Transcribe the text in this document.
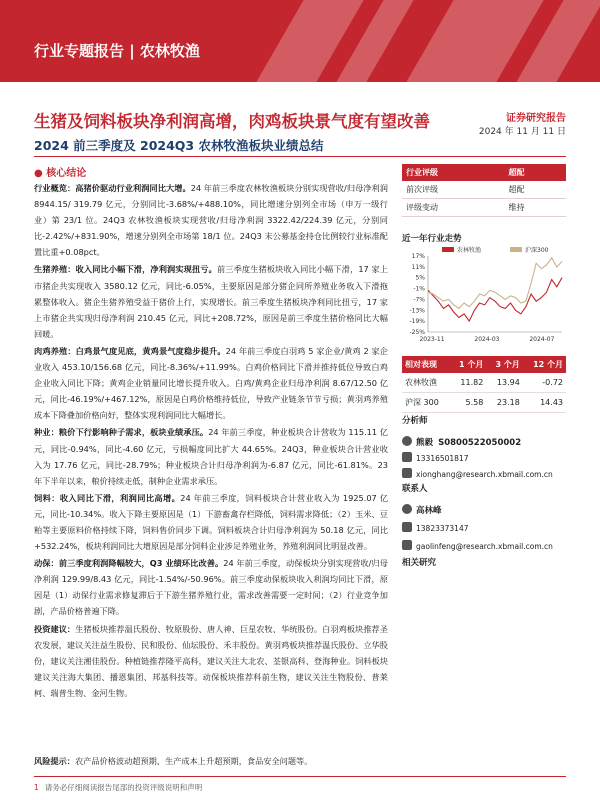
行业专题报告 | 农林牧渔
生猪及饲料板块净利润高增，肉鸡板块景气度有望改善
2024 前三季度及 2024Q3 农林牧渔板块业绩总结
证券研究报告
2024 年 11 月 11 日
● 核心结论

行业概览：高猪价驱动行业利润同比大增。24 年前三季度农林牧渔板块分别实现营收/归母净利润 8944.15/ 319.79 亿元，分别同比-3.68%/+488.10%，同比增速分别列全市场（申万一级行业）第 23/1 位。24Q3 农林牧渔板块实现营收/归母净利润 3322.42/224.39 亿元，分别同比-2.42%/+831.90%，增速分别列全市场第 18/1 位。24Q3 末公募基金持仓比例较行业标准配置比重+0.08pct。

生猪养殖：收入同比小幅下滑，净利润实现扭亏。前三季度生猪板块收入同比小幅下滑，17 家上市猪企共实现收入 3580.12 亿元，同比-6.05%，主要原因是部分猪企同所养殖业务收入下滑拖累整体收入。猪企生猪养殖受益于猪价上行，实现增长。前三季度生猪板块净利同比扭亏，17 家上市猪企共实现归母净利润 210.45 亿元，同比+208.72%，原因是前三季度生猪价格同比大幅回暖。

肉鸡养殖：白鸡景气度见底，黄鸡景气度稳步提升。24 年前三季度白羽鸡 5 家企业/黄鸡 2 家企业收入 453.10/156.68 亿元，同比-8.36%/+11.99%。白鸡价格同比下滑并推持低位导致白鸡企业收入同比下降；黄鸡企业销量同比增长提升收入。白鸡/黄鸡企业归母净利润 8.67/12.50 亿元，同比-46.19%/+467.12%，原因是白鸡价格维持低位，导致产业链条节节亏损；黄羽鸡养殖成本下降叠加价格向好，整体实现利润同比大幅增长。

种业：粮价下行影响种子需求，板块业绩承压。24 年前三季度，种业板块合计营收为 115.11 亿元，同比-0.94%，同比-4.60 亿元，亏损幅度同比扩大 44.65%。24Q3，种业板块合计营业收入为 17.76 亿元，同比-28.79%；种业板块合计归母净利润为-6.87 亿元，同比-61.81%。23 年下半年以来，粮价持续走低，制种企业需求承压。

饲料：收入同比下滑，利润同比高增。24 年前三季度，饲料板块合计营业收入为 1925.07 亿元，同比-10.34%。收入下降主要原因是（1）下游畜禽存栏降低，饲料需求降低；（2）玉米、豆粕等主要原料价格持续下降，饲料售价同步下调。饲料板块合计归母净利润为 50.18 亿元，同比+532.24%，板块利润同比大增原因是部分饲料企业涉足养殖业务，养殖利润同比明显改善。

动保：前三季度利润降幅较大，Q3 业绩环比改善。24 年前三季度，动保板块分别实现营收/归母净利润 129.99/8.43 亿元，同比-1.54%/-50.96%。前三季度动保板块收入利润均同比下滑，原因是（1）动保行业需求修复滞后于下游生猪养殖行业，需求改善需要一定时间；（2）行业竞争加剧，产品价格普遍下降。

投资建议：生猪板块推荐温氏股份、牧原股份、唐人神、巨星农牧、华统股份。白羽鸡板块推荐圣农发展，建议关注益生股份、民和股份、仙坛股份、禾丰股份。黄羽鸡板块推荐温氏股份、立华股份，建议关注湘佳股份。种植链推荐隆平高科，建议关注大北农、荃银高科、登海种业。饲料板块建议关注海大集团、播恩集团、邦基科技等。动保板块推荐科前生物，建议关注生物股份、普莱柯、瑞普生物、金河生物。

风险提示：农产品价格波动超预期，生产成本上升超预期，食品安全问题等。
1 请务必仔细阅读报告尾部的投资评级说明和声明
行业评级	超配
前次评级	超配
评级变动	维持
近一年行业走势
农林牧渔	沪深300
17%
11%
5%
-1%
-7%
-13%
-19%
-25%
2023-11	2024-03	2024-07
相对表现	1 个月	3 个月	12 个月
农林牧渔	11.82	13.94	-0.72
沪深 300	5.58	23.18	14.43
分析师
熊毅 S0800522050002
13316501817
xionghang@research.xbmail.com.cn
联系人
高林峰
13823373147
gaolinfeng@research.xbmail.com.cn
相关研究
